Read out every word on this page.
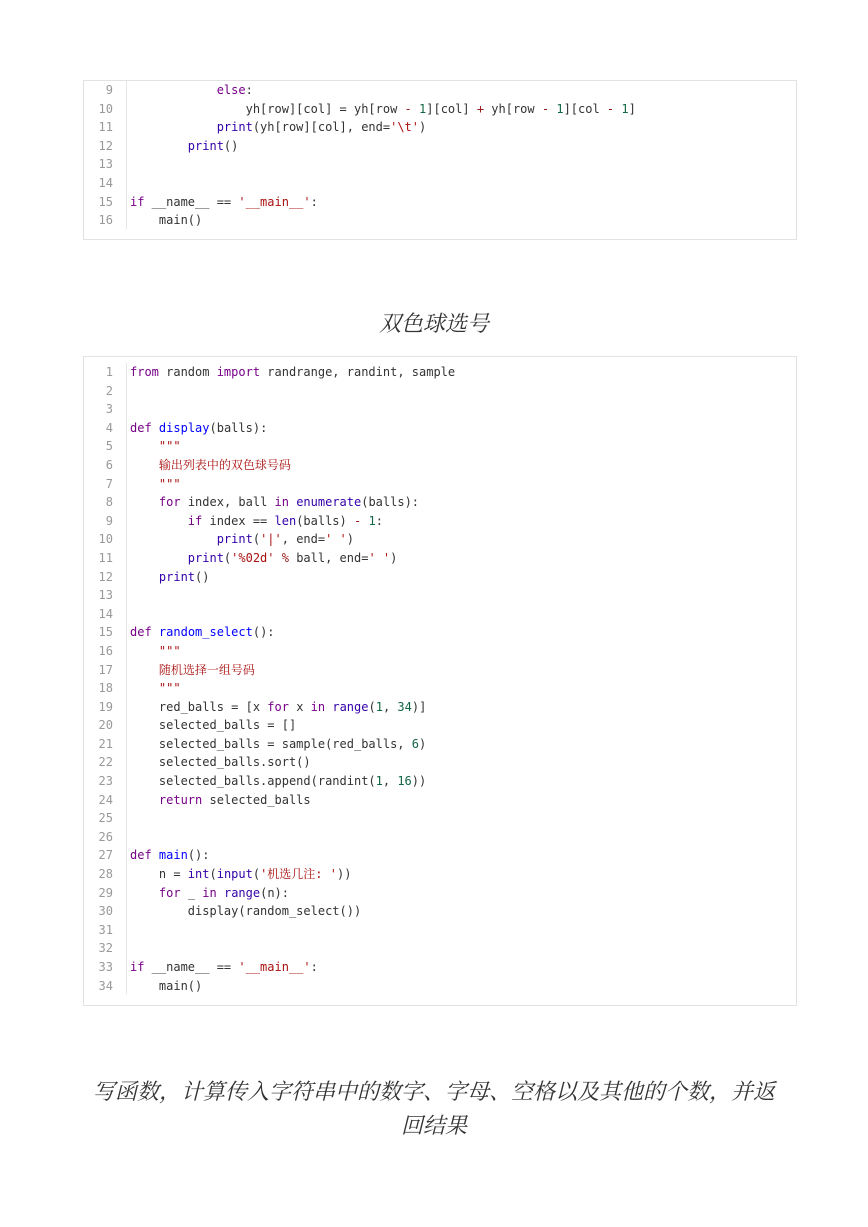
9	else:
10 yh[row][col] = yh[row - 1][col] + yh[row - 1][col - 1]
11	print(yh[row][col], end='\t')
12	print()
13
14
15 if __name__ == '__main__':
16 main()
双色球选号
1 from random import randrange, randint, sample
2
3
4 def display(balls):
5	"""
6	输出列表中的双色球号码
7	"""
8	for index, ball in enumerate(balls):
9	if index == len(balls) - 1:
10	print('|', end=' ')
11	print('%02d' % ball, end=' ')
12	print()
13
14
15 def random_select():
16	"""
17	随机选择一组号码
18	"""
19 red_balls = [x for x in range(1, 34)]
20 selected_balls = []
21 selected_balls = sample(red_balls, 6)
22 selected_balls.sort()
23 selected_balls.append(randint(1, 16))
24	return selected_balls
25
26
27 def main():
28 n = int(input('机选几注: '))
29	for _ in range(n):
30 display(random_select())
31
32
33 if __name__ == '__main__':
34 main()
写函数，计算传入字符串中的数字、字母、空格以及其他的个数，并返
回结果
